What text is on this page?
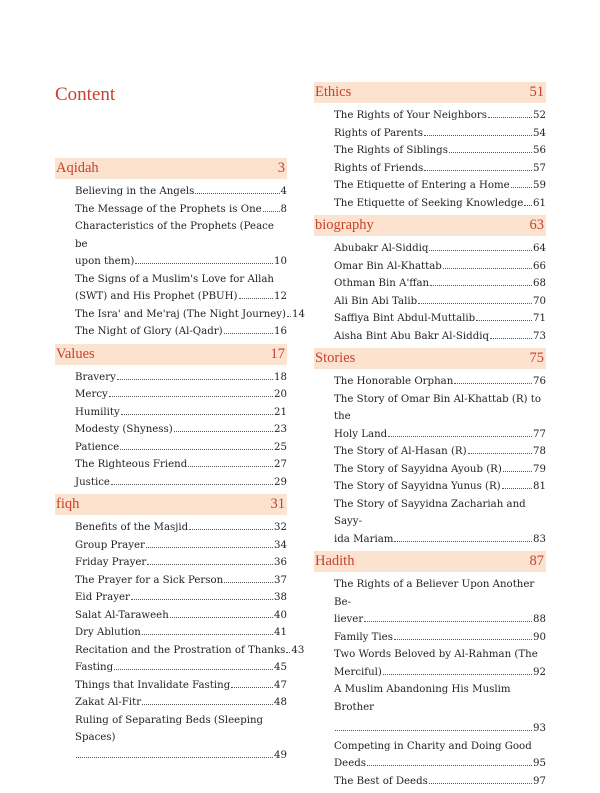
Content
Aqidah	3
Believing in the Angels	4
The Message of the Prophets is One 8
Characteristics of the Prophets (Peace be
upon them)	10
The Signs of a Muslim's Love for Allah
(SWT) and His Prophet (PBUH)	12
The Isra' and Me'raj (The Night Journey) 14
The Night of Glory (Al-Qadr)	16
Values	17
Bravery	18
Mercy	20
Humility	21
Modesty (Shyness)	23
Patience	25
The Righteous Friend	27
Justice	29
fiqh	31
Benefits of the Masjid	32
Group Prayer	34
Friday Prayer	36
The Prayer for a Sick Person	37
Eid Prayer	38
Salat Al-Taraweeh	40
Dry Ablution	41
Recitation and the Prostration of Thanks 43
Fasting	45
Things that Invalidate Fasting	47
Zakat Al-Fitr	48
Ruling of Separating Beds (Sleeping Spaces)
49
Ethics	51
The Rights of Your Neighbors	52
Rights of Parents	54
The Rights of Siblings	56
Rights of Friends	57
The Etiquette of Entering a Home 59
The Etiquette of Seeking Knowledge 61
biography	63
Abubakr Al-Siddiq	64
Omar Bin Al-Khattab	66
Othman Bin A'ffan	68
Ali Bin Abi Talib	70
Saffiya Bint Abdul-Muttalib	71
Aisha Bint Abu Bakr Al-Siddiq	73
Stories	75
The Honorable Orphan	76
The Story of Omar Bin Al-Khattab (R) to the
Holy Land	77
The Story of Al-Hasan (R)	78
The Story of Sayyidna Ayoub (R)	79
The Story of Sayyidna Yunus (R)	81
The Story of Sayyidna Zachariah and Sayy-
ida Mariam	83
Hadith	87
The Rights of a Believer Upon Another Be-
liever	88
Family Ties	90
Two Words Beloved by Al-Rahman (The
Merciful)	92
A Muslim Abandoning His Muslim Brother
93
Competing in Charity and Doing Good
Deeds	95
The Best of Deeds	97
